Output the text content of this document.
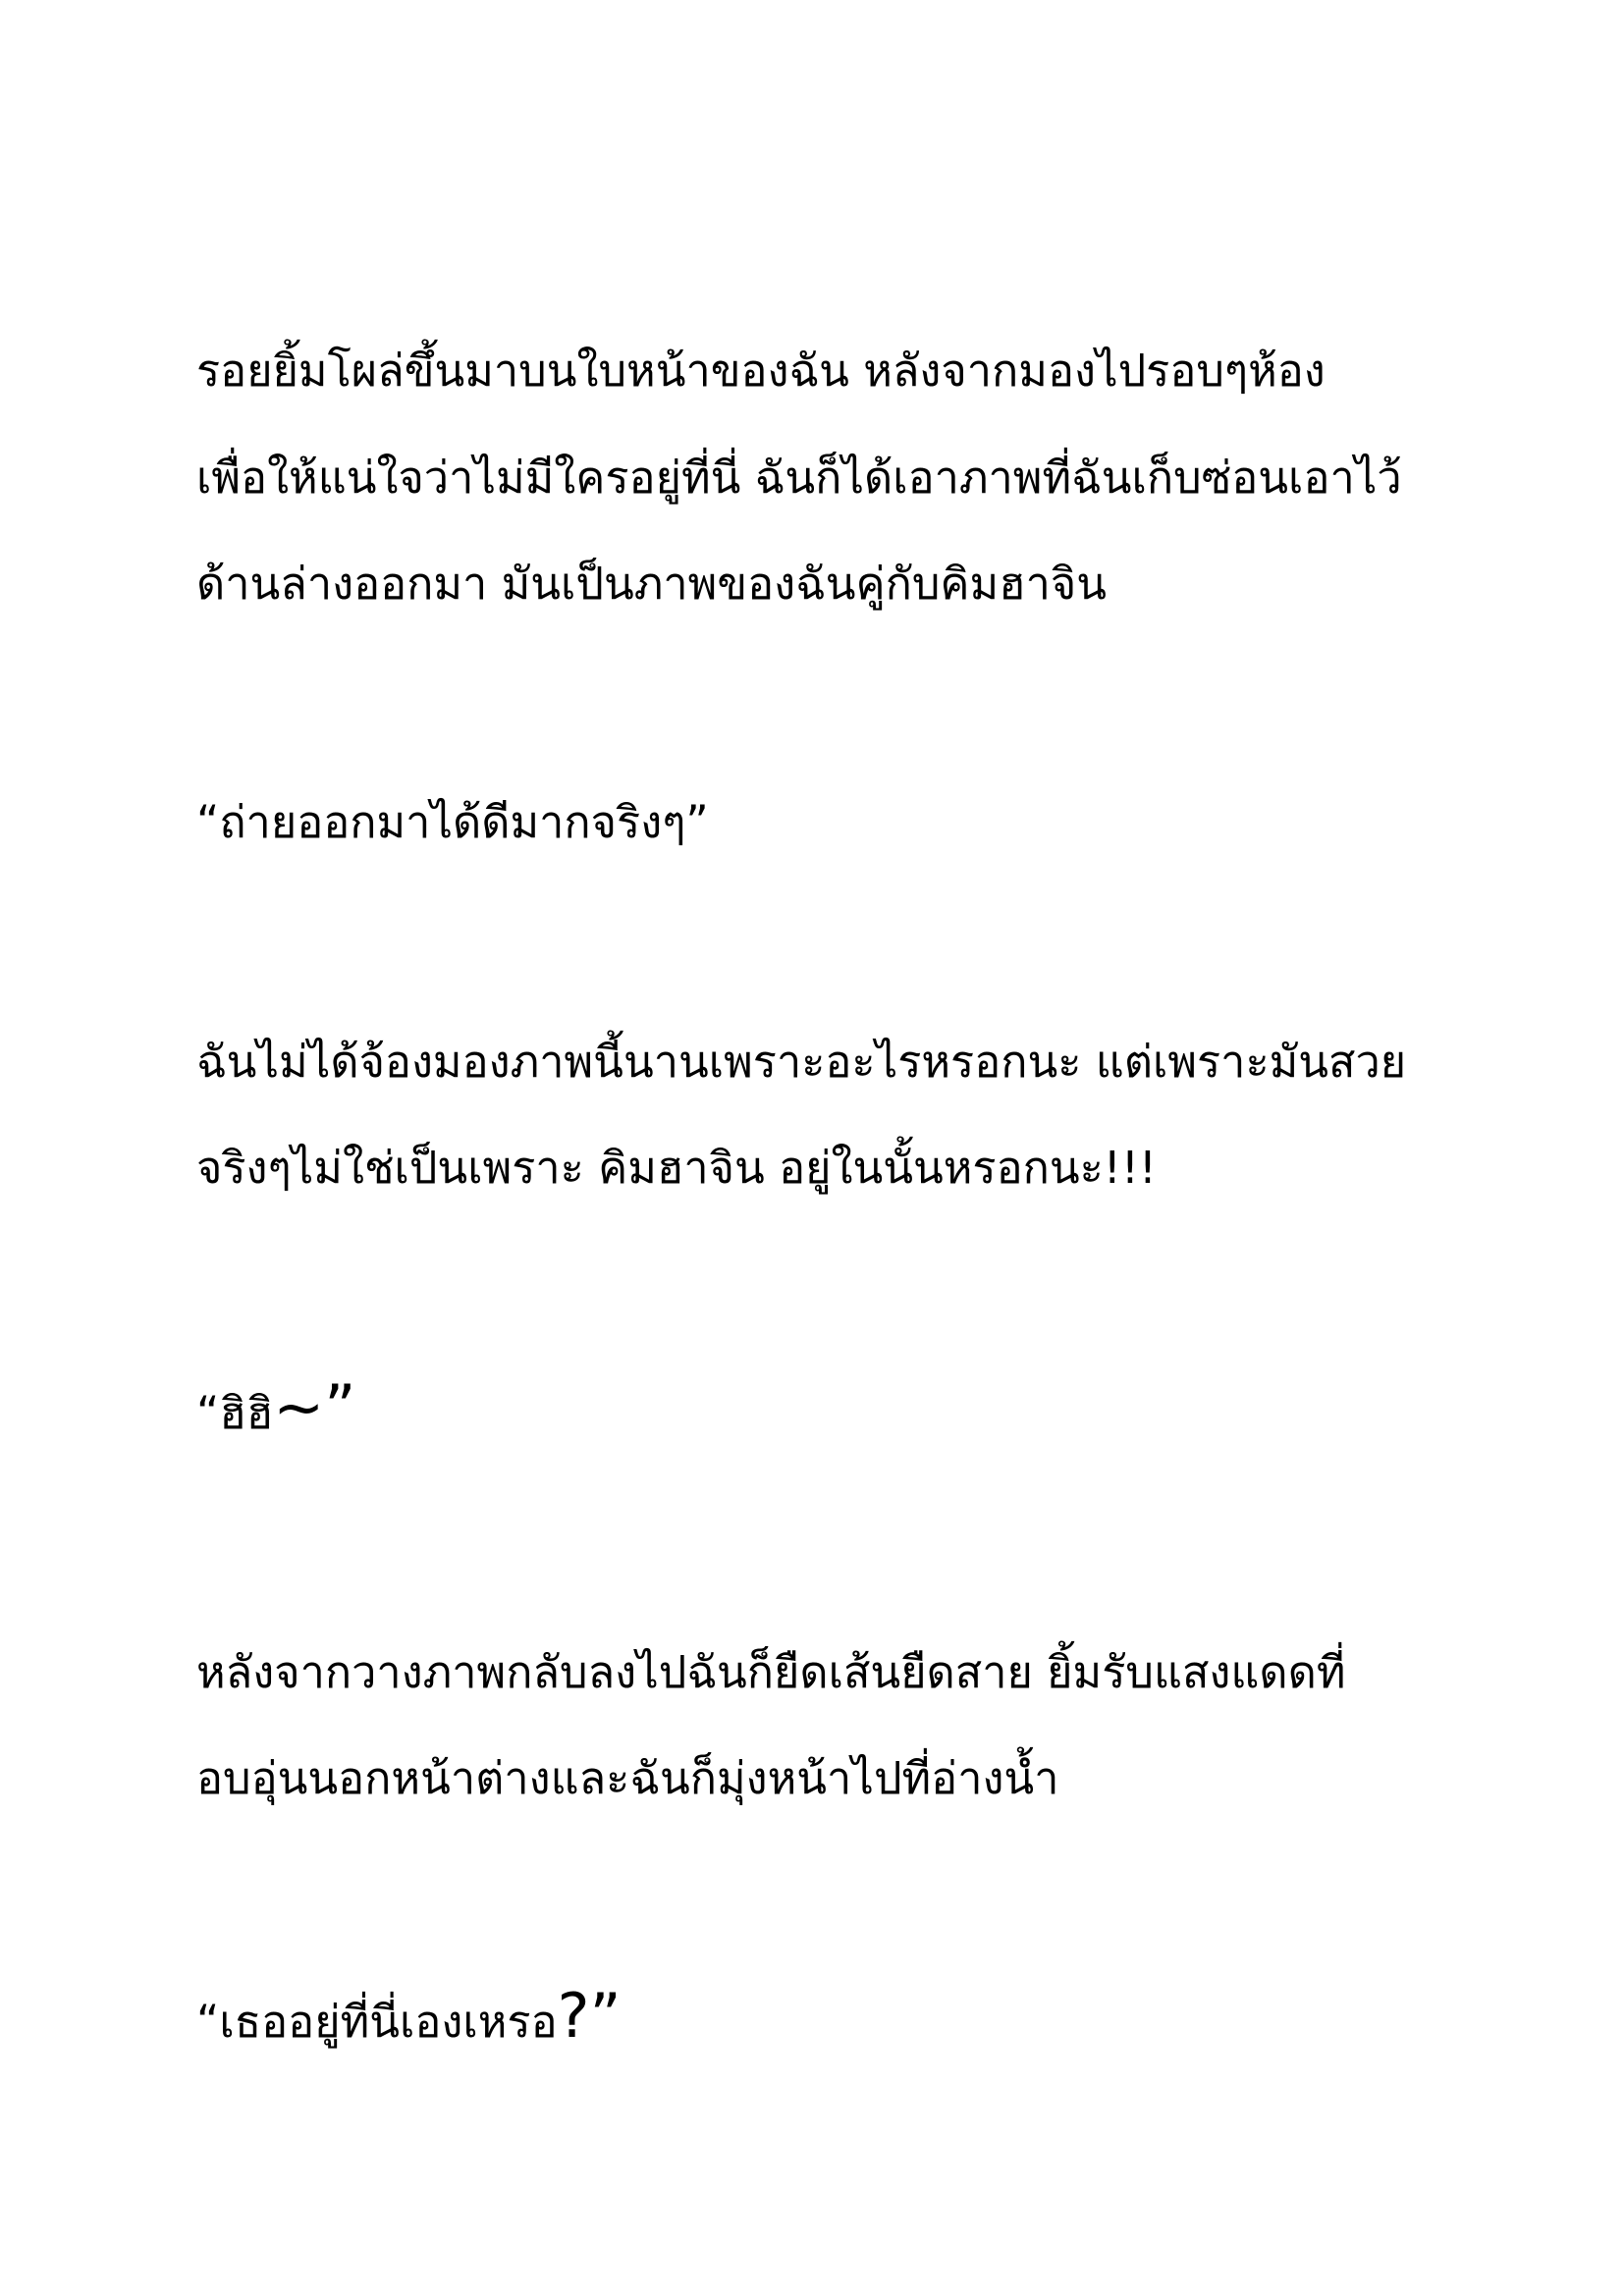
รอยยิ้มโผล่ขึ้นมาบนใบหน้าของฉัน หลังจากมองไปรอบๆห้อง

เพื่อให้แน่ใจว่าไม่มีใครอยู่ที่นี่ ฉันก็ได้เอาภาพที่ฉันเก็บซ่อนเอาไว้

ด้านล่างออกมา มันเป็นภาพของฉันคู่กับคิมฮาจิน

“ถ่ายออกมาได้ดีมากจริงๆ”

ฉันไม่ได้จ้องมองภาพนี้นานเพราะอะไรหรอกนะ แต่เพราะมันสวย

จริงๆไม่ใช่เป็นเพราะ คิมฮาจิน อยู่ในนั้นหรอกนะ!!!

“ฮิฮิ~”

หลังจากวางภาพกลับลงไปฉันก็ยืดเส้นยืดสาย ยิ้มรับแสงแดดที่

อบอุ่นนอกหน้าต่างและฉันก็มุ่งหน้าไปที่อ่างน้ำ

“เธออยู่ที่นี่เองเหรอ?”
